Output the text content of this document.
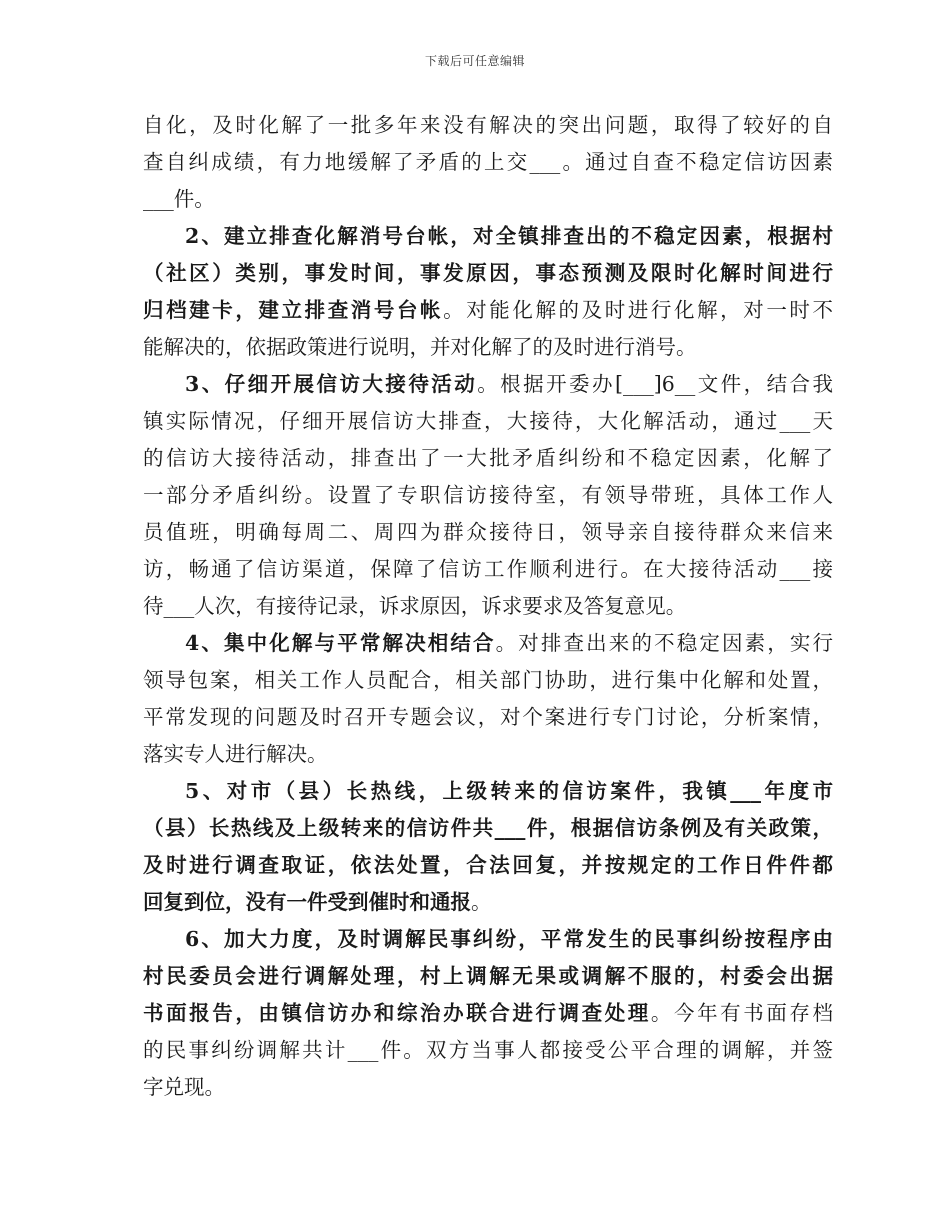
下载后可任意编辑
自化，及时化解了一批多年来没有解决的突出问题，取得了较好的自
查自纠成绩，有力地缓解了矛盾的上交___。通过自查不稳定信访因素
___件。
2、建立排查化解消号台帐，对全镇排查出的不稳定因素，根据村
（社区）类别，事发时间，事发原因，事态预测及限时化解时间进行
归档建卡，建立排查消号台帐。对能化解的及时进行化解，对一时不
能解决的，依据政策进行说明，并对化解了的及时进行消号。
3、仔细开展信访大接待活动。根据开委办[___]6__文件，结合我
镇实际情况，仔细开展信访大排查，大接待，大化解活动，通过___天
的信访大接待活动，排查出了一大批矛盾纠纷和不稳定因素，化解了
一部分矛盾纠纷。设置了专职信访接待室，有领导带班，具体工作人
员值班，明确每周二、周四为群众接待日，领导亲自接待群众来信来
访，畅通了信访渠道，保障了信访工作顺利进行。在大接待活动___接
待___人次，有接待记录，诉求原因，诉求要求及答复意见。
4、集中化解与平常解决相结合。对排查出来的不稳定因素，实行
领导包案，相关工作人员配合，相关部门协助，进行集中化解和处置，
平常发现的问题及时召开专题会议，对个案进行专门讨论，分析案情，
落实专人进行解决。
5、对市（县）长热线，上级转来的信访案件，我镇___年度市
（县）长热线及上级转来的信访件共___件，根据信访条例及有关政策，
及时进行调查取证，依法处置，合法回复，并按规定的工作日件件都
回复到位，没有一件受到催时和通报。
6、加大力度，及时调解民事纠纷，平常发生的民事纠纷按程序由
村民委员会进行调解处理，村上调解无果或调解不服的，村委会出据
书面报告，由镇信访办和综治办联合进行调查处理。今年有书面存档
的民事纠纷调解共计___件。双方当事人都接受公平合理的调解，并签
字兑现。
